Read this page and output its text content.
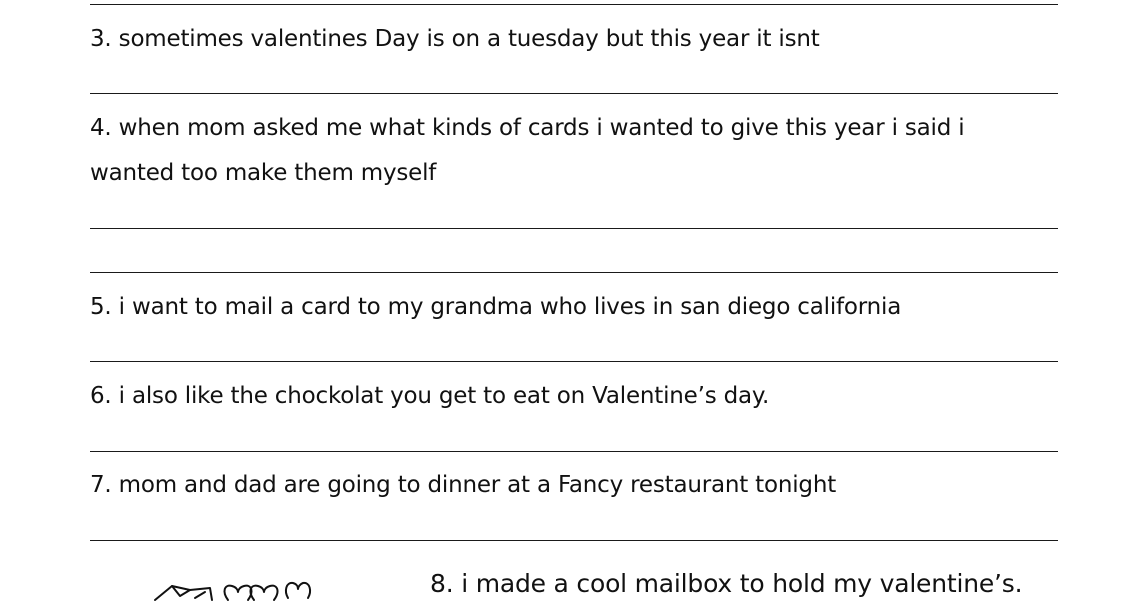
3. sometimes valentines Day is on a tuesday but this year it isnt
4. when mom asked me what kinds of cards i wanted to give this year i said i
wanted too make them myself
5. i want to mail a card to my grandma who lives in san diego california
6. i also like the chockolat you get to eat on Valentine’s day.
7. mom and dad are going to dinner at a Fancy restaurant tonight
8. i made a cool mailbox to hold my valentine’s.
